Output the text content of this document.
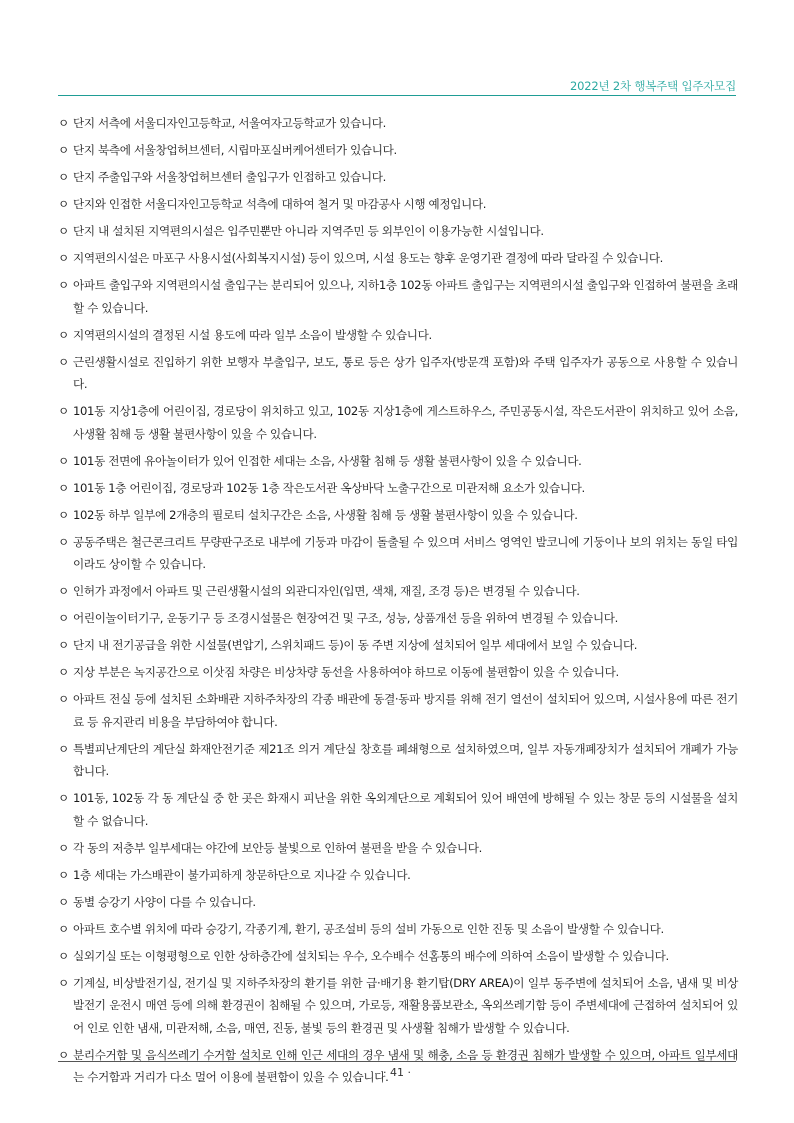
2022년 2차 행복주택 입주자모집
ㅇ 단지 서측에 서울디자인고등학교, 서울여자고등학교가 있습니다.
ㅇ 단지 북측에 서울창업허브센터, 시립마포실버케어센터가 있습니다.
ㅇ 단지 주출입구와 서울창업허브센터 출입구가 인접하고 있습니다.
ㅇ 단지와 인접한 서울디자인고등학교 석측에 대하여 철거 및 마감공사 시행 예정입니다.
ㅇ 단지 내 설치된 지역편의시설은 입주민뿐만 아니라 지역주민 등 외부인이 이용가능한 시설입니다.
ㅇ 지역편의시설은 마포구 사용시설(사회복지시설) 등이 있으며, 시설 용도는 향후 운영기관 결정에 따라 달라질 수 있습니다.
ㅇ 아파트 출입구와 지역편의시설 출입구는 분리되어 있으나, 지하1층 102동 아파트 출입구는 지역편의시설 출입구와 인접하여 불편을 초래할 수 있습니다.
ㅇ 지역편의시설의 결정된 시설 용도에 따라 일부 소음이 발생할 수 있습니다.
ㅇ 근린생활시설로 진입하기 위한 보행자 부출입구, 보도, 통로 등은 상가 입주자(방문객 포함)와 주택 입주자가 공동으로 사용할 수 있습니다.
ㅇ 101동 지상1층에 어린이집, 경로당이 위치하고 있고, 102동 지상1층에 게스트하우스, 주민공동시설, 작은도서관이 위치하고 있어 소음, 사생활 침해 등 생활 불편사항이 있을 수 있습니다.
ㅇ 101동 전면에 유아놀이터가 있어 인접한 세대는 소음, 사생활 침해 등 생활 불편사항이 있을 수 있습니다.
ㅇ 101동 1층 어린이집, 경로당과 102동 1층 작은도서관 옥상바닥 노출구간으로 미관저해 요소가 있습니다.
ㅇ 102동 하부 일부에 2개층의 필로티 설치구간은 소음, 사생활 침해 등 생활 불편사항이 있을 수 있습니다.
ㅇ 공동주택은 철근콘크리트 무량판구조로 내부에 기둥과 마감이 돌출될 수 있으며 서비스 영역인 발코니에 기둥이나 보의 위치는 동일 타입이라도 상이할 수 있습니다.
ㅇ 인허가 과정에서 아파트 및 근린생활시설의 외관디자인(입면, 색채, 재질, 조경 등)은 변경될 수 있습니다.
ㅇ 어린이놀이터기구, 운동기구 등 조경시설물은 현장여건 및 구조, 성능, 상품개선 등을 위하여 변경될 수 있습니다.
ㅇ 단지 내 전기공급을 위한 시설물(변압기, 스위치패드 등)이 동 주변 지상에 설치되어 일부 세대에서 보일 수 있습니다.
ㅇ 지상 부분은 녹지공간으로 이삿짐 차량은 비상차량 동선을 사용하여야 하므로 이동에 불편함이 있을 수 있습니다.
ㅇ 아파트 전실 등에 설치된 소화배관 지하주차장의 각종 배관에 동결·동파 방지를 위해 전기 열선이 설치되어 있으며, 시설사용에 따른 전기료 등 유지관리 비용을 부담하여야 합니다.
ㅇ 특별피난계단의 계단실 화재안전기준 제21조 의거 계단실 창호를 폐쇄형으로 설치하였으며, 일부 자동개폐장치가 설치되어 개폐가 가능합니다.
ㅇ 101동, 102동 각 동 계단실 중 한 곳은 화재시 피난을 위한 옥외계단으로 계획되어 있어 배연에 방해될 수 있는 창문 등의 시설물을 설치할 수 없습니다.
ㅇ 각 동의 저층부 일부세대는 야간에 보안등 불빛으로 인하여 불편을 받을 수 있습니다.
ㅇ 1층 세대는 가스배관이 불가피하게 창문하단으로 지나갈 수 있습니다.
ㅇ 동별 승강기 사양이 다를 수 있습니다.
ㅇ 아파트 호수별 위치에 따라 승강기, 각종기계, 환기, 공조설비 등의 설비 가동으로 인한 진동 및 소음이 발생할 수 있습니다.
ㅇ 실외기실 또는 이형평형으로 인한 상하층간에 설치되는 우수, 오수배수 선홈통의 배수에 의하여 소음이 발생할 수 있습니다.
ㅇ 기계실, 비상발전기실, 전기실 및 지하주차장의 환기를 위한 급·배기용 환기탑(DRY AREA)이 일부 동주변에 설치되어 소음, 냄새 및 비상발전기 운전시 매연 등에 의해 환경권이 침해될 수 있으며, 가로등, 재활용품보관소, 옥외쓰레기함 등이 주변세대에 근접하여 설치되어 있어 인로 인한 냄새, 미관저해, 소음, 매연, 진동, 불빛 등의 환경권 및 사생활 침해가 발생할 수 있습니다.
ㅇ 분리수거함 및 음식쓰레기 수거함 설치로 인해 인근 세대의 경우 냄새 및 해충, 소음 등 환경권 침해가 발생할 수 있으며, 아파트 일부세대는 수거함과 거리가 다소 멀어 이용에 불편함이 있을 수 있습니다.
· 41 ·
